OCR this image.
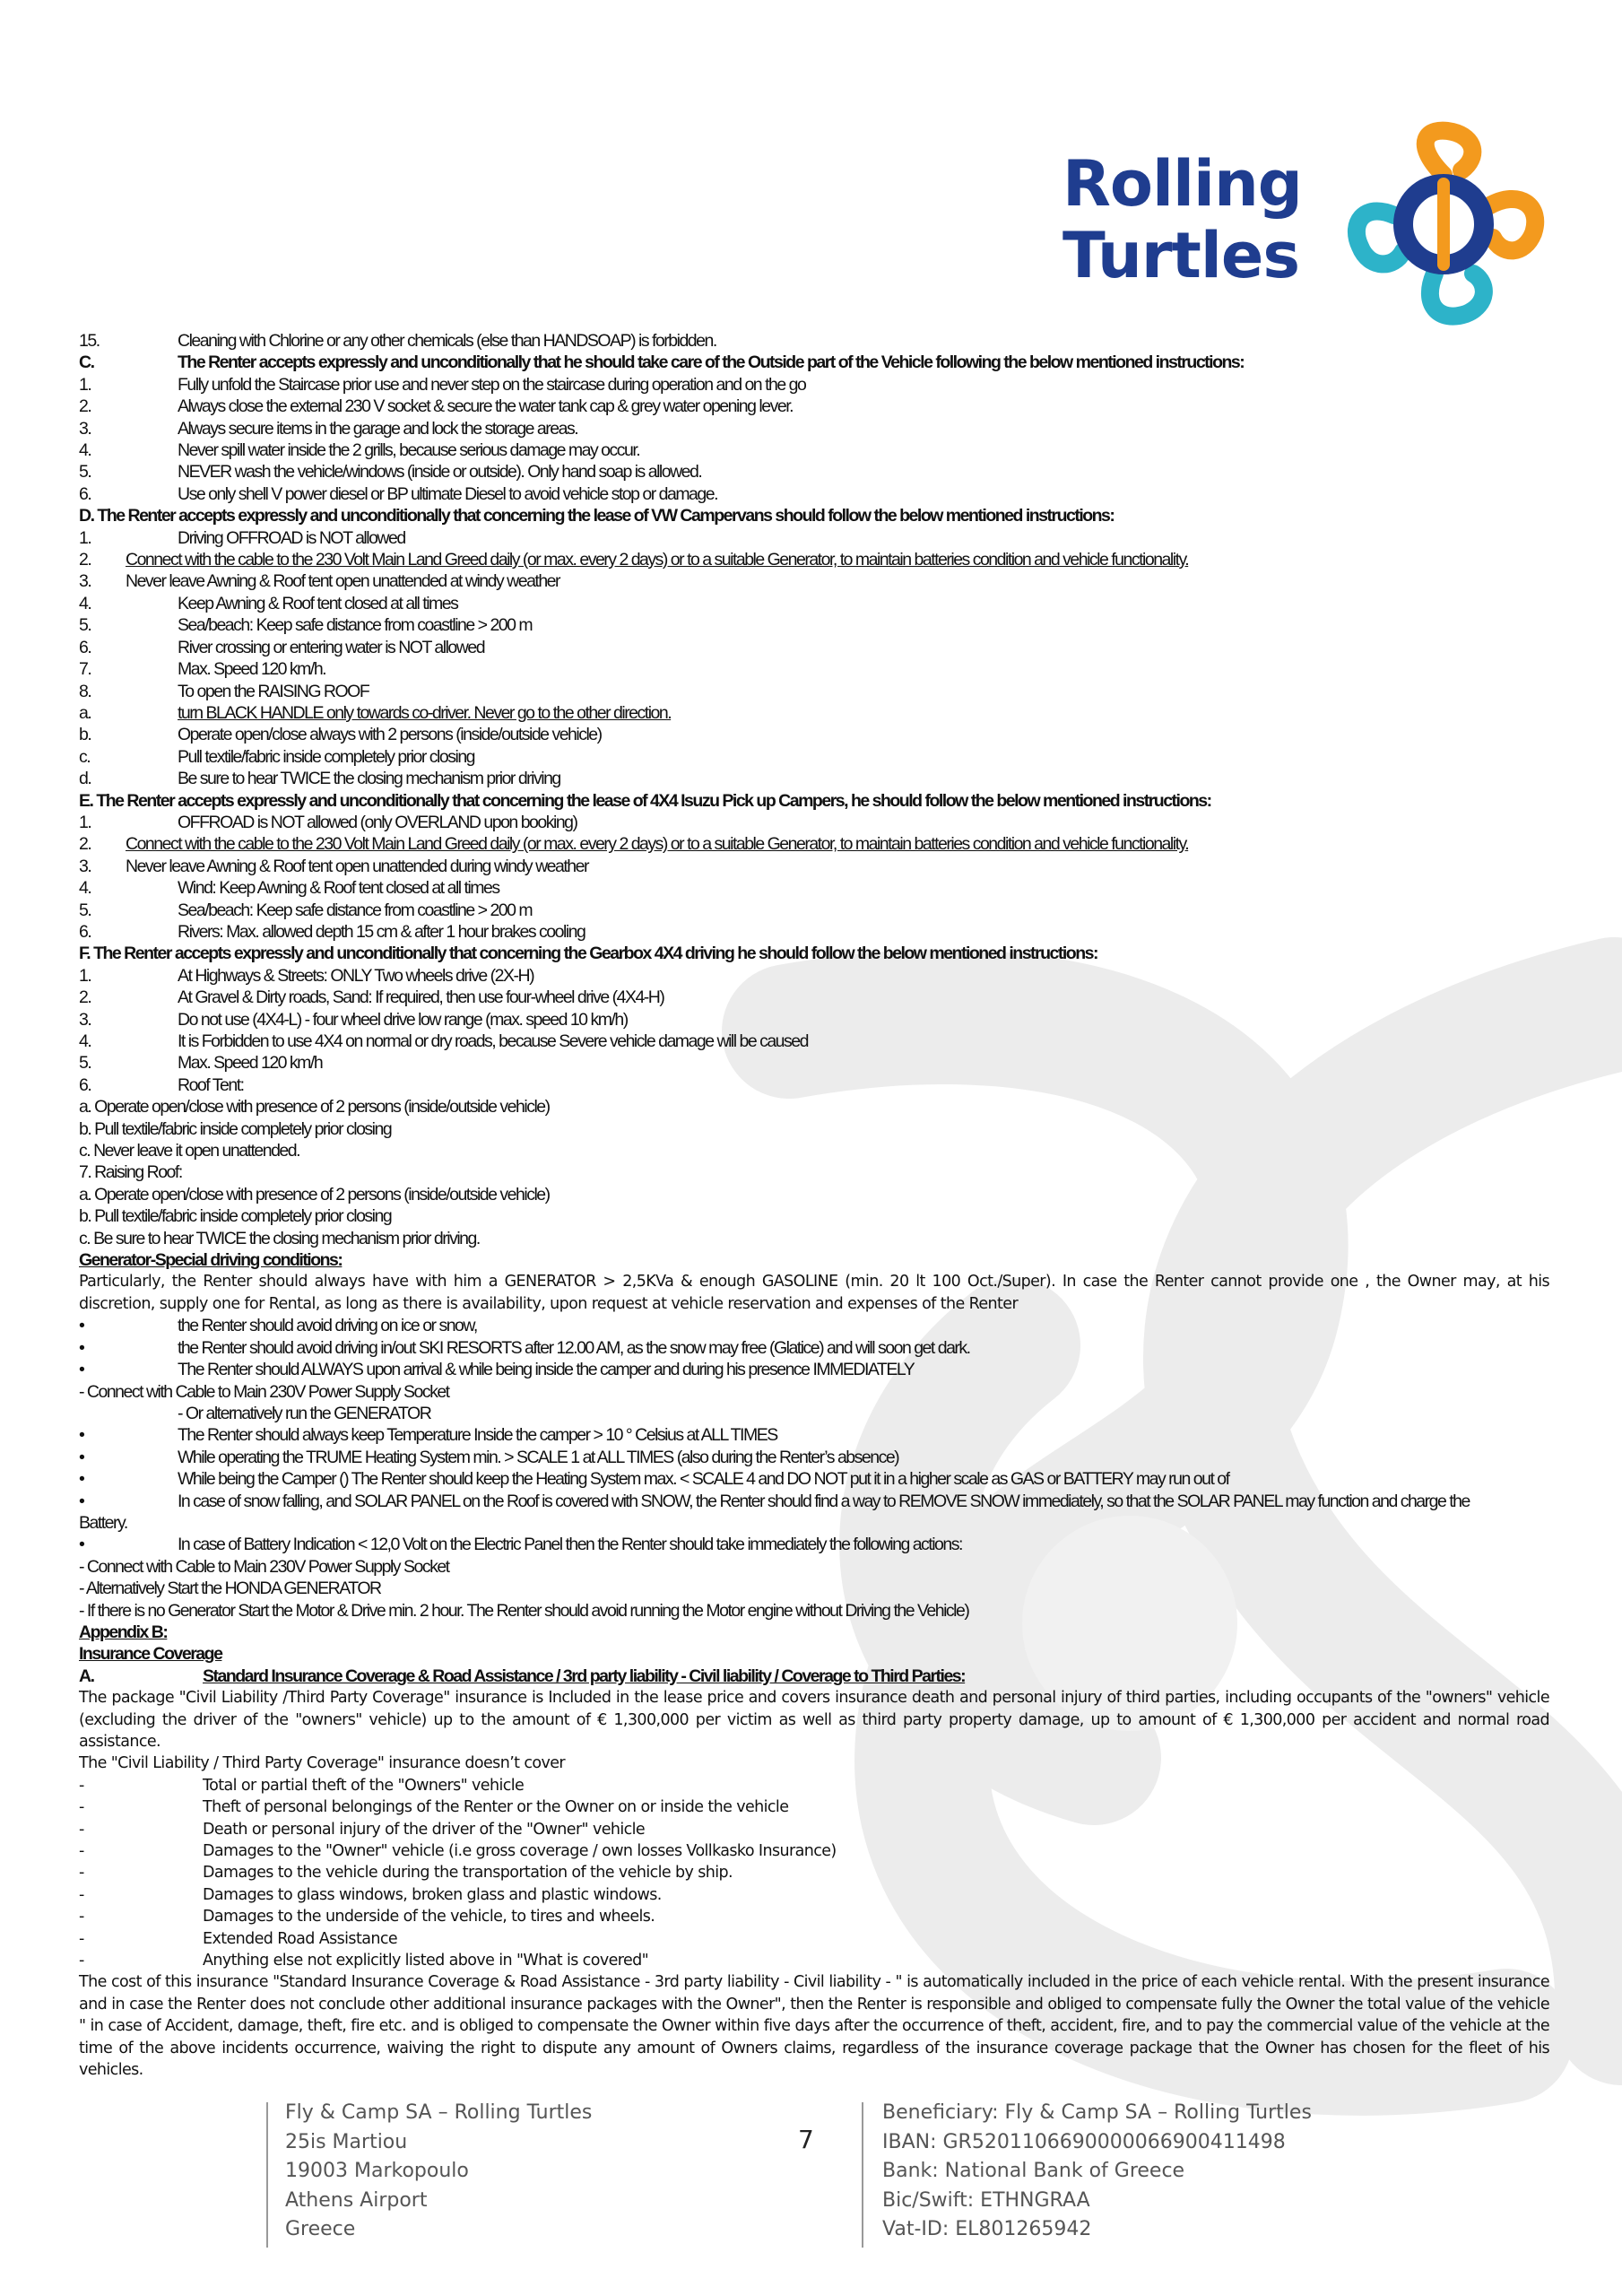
Rolling
Turtles
15.	Cleaning with Chlorine or any other chemicals (else than HANDSOAP) is forbidden.
C.	The Renter accepts expressly and unconditionally that he should take care of the Outside part of the Vehicle following the below mentioned instructions:
1.	Fully unfold the Staircase prior use and never step on the staircase during operation and on the go
2.	Always close the external 230 V socket & secure the water tank cap & grey water opening lever.
3.	Always secure items in the garage and lock the storage areas.
4.	Never spill water inside the 2 grills, because serious damage may occur.
5.	NEVER wash the vehicle/windows (inside or outside). Only hand soap is allowed.
6.	Use only shell V power diesel or BP ultimate Diesel to avoid vehicle stop or damage.
D. The Renter accepts expressly and unconditionally that concerning the lease of VW Campervans should follow the below mentioned instructions:
1.	Driving OFFROAD is NOT allowed
2.	Connect with the cable to the 230 Volt Main Land Greed daily (or max. every 2 days) or to a suitable Generator, to maintain batteries condition and vehicle functionality.
3.	Never leave Awning & Roof tent open unattended at windy weather
4.	Keep Awning & Roof tent closed at all times
5.	Sea/beach: Keep safe distance from coastline > 200 m
6.	River crossing or entering water is NOT allowed
7.	Max. Speed 120 km/h.
8.	To open the RAISING ROOF
a.	turn BLACK HANDLE only towards co-driver. Never go to the other direction.
b.	Operate open/close always with 2 persons (inside/outside vehicle)
c.	Pull textile/fabric inside completely prior closing
d.	Be sure to hear TWICE the closing mechanism prior driving
E. The Renter accepts expressly and unconditionally that concerning the lease of 4X4 Isuzu Pick up Campers, he should follow the below mentioned instructions:
1.	OFFROAD is NOT allowed (only OVERLAND upon booking)
2.	Connect with the cable to the 230 Volt Main Land Greed daily (or max. every 2 days) or to a suitable Generator, to maintain batteries condition and vehicle functionality.
3.	Never leave Awning & Roof tent open unattended during windy weather
4.	Wind: Keep Awning & Roof tent closed at all times
5.	Sea/beach: Keep safe distance from coastline > 200 m
6.	Rivers: Max. allowed depth 15 cm & after 1 hour brakes cooling
F. The Renter accepts expressly and unconditionally that concerning the Gearbox 4X4 driving he should follow the below mentioned instructions:
1.	At Highways & Streets: ONLY Two wheels drive (2X-H)
2.	At Gravel & Dirty roads, Sand: If required, then use four-wheel drive (4X4-H)
3.	Do not use (4X4-L) - four wheel drive low range (max. speed 10 km/h)
4.	It is Forbidden to use 4X4 on normal or dry roads, because Severe vehicle damage will be caused
5.	Max. Speed 120 km/h
6.	Roof Tent:
a. Operate open/close with presence of 2 persons (inside/outside vehicle)
b. Pull textile/fabric inside completely prior closing
c. Never leave it open unattended.
7. Raising Roof:
a. Operate open/close with presence of 2 persons (inside/outside vehicle)
b. Pull textile/fabric inside completely prior closing
c. Be sure to hear TWICE the closing mechanism prior driving.
Generator-Special driving conditions:
Particularly, the Renter should always have with him a GENERATOR > 2,5KVa & enough GASOLINE (min. 20 lt 100 Oct./Super). In case the Renter cannot provide one , the Owner may, at his discretion, supply one for Rental, as long as there is availability, upon request at vehicle reservation and expenses of the Renter
•	the Renter should avoid driving on ice or snow,
•	the Renter should avoid driving in/out SKI RESORTS after 12.00 AM, as the snow may free (Glatice) and will soon get dark.
•	The Renter should ALWAYS upon arrival & while being inside the camper and during his presence IMMEDIATELY
- Connect with Cable to Main 230V Power Supply Socket
- Or alternatively run the GENERATOR
•	The Renter should always keep Temperature Inside the camper > 10 ° Celsius at ALL TIMES
•	While operating the TRUME Heating System min. > SCALE 1 at ALL TIMES (also during the Renter’s absence)
•	While being the Camper () The Renter should keep the Heating System max. < SCALE 4 and DO NOT put it in a higher scale as GAS or BATTERY may run out of
•	In case of snow falling, and SOLAR PANEL on the Roof is covered with SNOW, the Renter should find a way to REMOVE SNOW immediately, so that the SOLAR PANEL may function and charge the
Battery.
•	In case of Battery Indication < 12,0 Volt on the Electric Panel then the Renter should take immediately the following actions:
- Connect with Cable to Main 230V Power Supply Socket
- Alternatively Start the HONDA GENERATOR
- If there is no Generator Start the Motor & Drive min. 2 hour. The Renter should avoid running the Motor engine without Driving the Vehicle)
Appendix B:
Insurance Coverage
A.	Standard Insurance Coverage & Road Assistance / 3rd party liability - Civil liability / Coverage to Third Parties:
The package "Civil Liability /Third Party Coverage" insurance is Included in the lease price and covers insurance death and personal injury of third parties, including occupants of the "owners" vehicle (excluding the driver of the "owners" vehicle) up to the amount of € 1,300,000 per victim as well as third party property damage, up to amount of € 1,300,000 per accident and normal road assistance.
The "Civil Liability / Third Party Coverage" insurance doesn’t cover
-	Total or partial theft of the "Owners" vehicle
-	Theft of personal belongings of the Renter or the Owner on or inside the vehicle
-	Death or personal injury of the driver of the "Owner" vehicle
-	Damages to the "Owner" vehicle (i.e gross coverage / own losses Vollkasko Insurance)
-	Damages to the vehicle during the transportation of the vehicle by ship.
-	Damages to glass windows, broken glass and plastic windows.
-	Damages to the underside of the vehicle, to tires and wheels.
-	Extended Road Assistance
-	Anything else not explicitly listed above in "What is covered"
The cost of this insurance "Standard Insurance Coverage & Road Assistance - 3rd party liability - Civil liability - " is automatically included in the price of each vehicle rental. With the present insurance and in case the Renter does not conclude other additional insurance packages with the Owner", then the Renter is responsible and obliged to compensate fully the Owner the total value of the vehicle " in case of Accident, damage, theft, fire etc. and is obliged to compensate the Owner within five days after the occurrence of theft, accident, fire, and to pay the commercial value of the vehicle at the time of the above incidents occurrence, waiving the right to dispute any amount of Owners claims, regardless of the insurance coverage package that the Owner has chosen for the fleet of his vehicles.
Fly & Camp SA – Rolling Turtles
25is Martiou
19003 Markopoulo
Athens Airport
Greece
7
Beneficiary: Fly & Camp SA – Rolling Turtles
IBAN: GR5201106690000066900411498
Bank: National Bank of Greece
Bic/Swift: ETHNGRAA
Vat-ID: EL801265942
